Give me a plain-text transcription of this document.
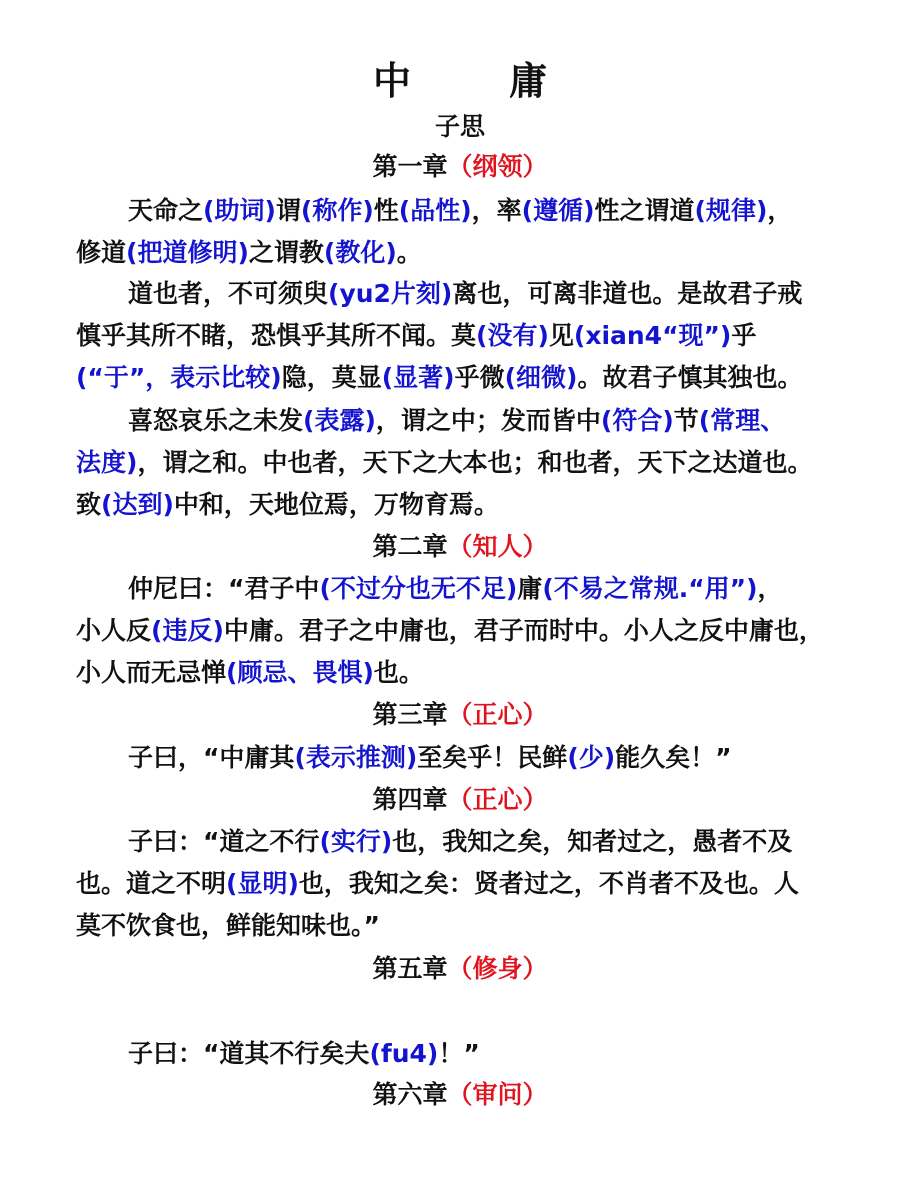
中　庸
子思
第一章（纲领）
天命之(助词)谓(称作)性(品性)，率(遵循)性之谓道(规律)，
修道(把道修明)之谓教(教化)。
道也者，不可须臾(yu2片刻)离也，可离非道也。是故君子戒
慎乎其所不睹，恐惧乎其所不闻。莫(没有)见(xian4“现”)乎
(“于”，表示比较)隐，莫显(显著)乎微(细微)。故君子慎其独也。
喜怒哀乐之未发(表露)，谓之中；发而皆中(符合)节(常理、
法度)，谓之和。中也者，天下之大本也；和也者，天下之达道也。
致(达到)中和，天地位焉，万物育焉。
第二章（知人）
仲尼曰：“君子中(不过分也无不足)庸(不易之常规.“用”)，
小人反(违反)中庸。君子之中庸也，君子而时中。小人之反中庸也，
小人而无忌惮(顾忌、畏惧)也。
第三章（正心）
子曰，“中庸其(表示推测)至矣乎！民鲜(少)能久矣！”
第四章（正心）
子曰：“道之不行(实行)也，我知之矣，知者过之，愚者不及
也。道之不明(显明)也，我知之矣：贤者过之，不肖者不及也。人
莫不饮食也，鲜能知味也。”
第五章（修身）
子曰：“道其不行矣夫(fu4)！”
第六章（审问）
